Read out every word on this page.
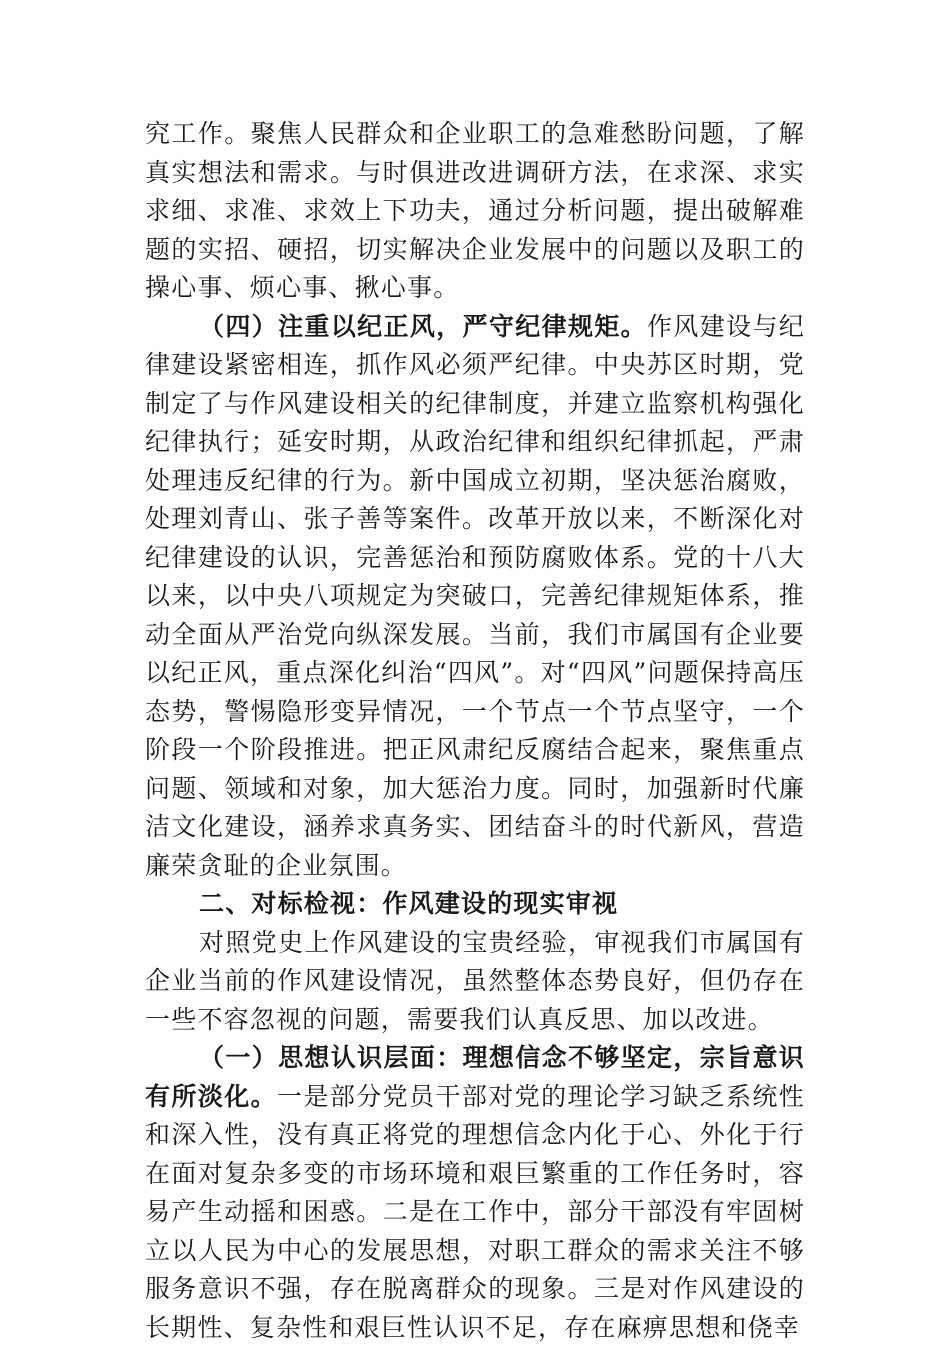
究工作。聚焦人民群众和企业职工的急难愁盼问题，了解真实想法和需求。与时俱进改进调研方法，在求深、求实求细、求准、求效上下功夫，通过分析问题，提出破解难题的实招、硬招，切实解决企业发展中的问题以及职工的操心事、烦心事、揪心事。

（四）注重以纪正风，严守纪律规矩。作风建设与纪律建设紧密相连，抓作风必须严纪律。中央苏区时期，党制定了与作风建设相关的纪律制度，并建立监察机构强化纪律执行；延安时期，从政治纪律和组织纪律抓起，严肃处理违反纪律的行为。新中国成立初期，坚决惩治腐败，处理刘青山、张子善等案件。改革开放以来，不断深化对纪律建设的认识，完善惩治和预防腐败体系。党的十八大以来，以中央八项规定为突破口，完善纪律规矩体系，推动全面从严治党向纵深发展。当前，我们市属国有企业要以纪正风，重点深化纠治“四风”。对“四风”问题保持高压态势，警惕隐形变异情况，一个节点一个节点坚守，一个阶段一个阶段推进。把正风肃纪反腐结合起来，聚焦重点问题、领域和对象，加大惩治力度。同时，加强新时代廉洁文化建设，涵养求真务实、团结奋斗的时代新风，营造廉荣贪耻的企业氛围。

二、对标检视：作风建设的现实审视

对照党史上作风建设的宝贵经验，审视我们市属国有企业当前的作风建设情况，虽然整体态势良好，但仍存在一些不容忽视的问题，需要我们认真反思、加以改进。

（一）思想认识层面：理想信念不够坚定，宗旨意识有所淡化。一是部分党员干部对党的理论学习缺乏系统性和深入性，没有真正将党的理想信念内化于心、外化于行在面对复杂多变的市场环境和艰巨繁重的工作任务时，容易产生动摇和困惑。二是在工作中，部分干部没有牢固树立以人民为中心的发展思想，对职工群众的需求关注不够服务意识不强，存在脱离群众的现象。三是对作风建设的长期性、复杂性和艰巨性认识不足，存在麻痹思想和侥幸
